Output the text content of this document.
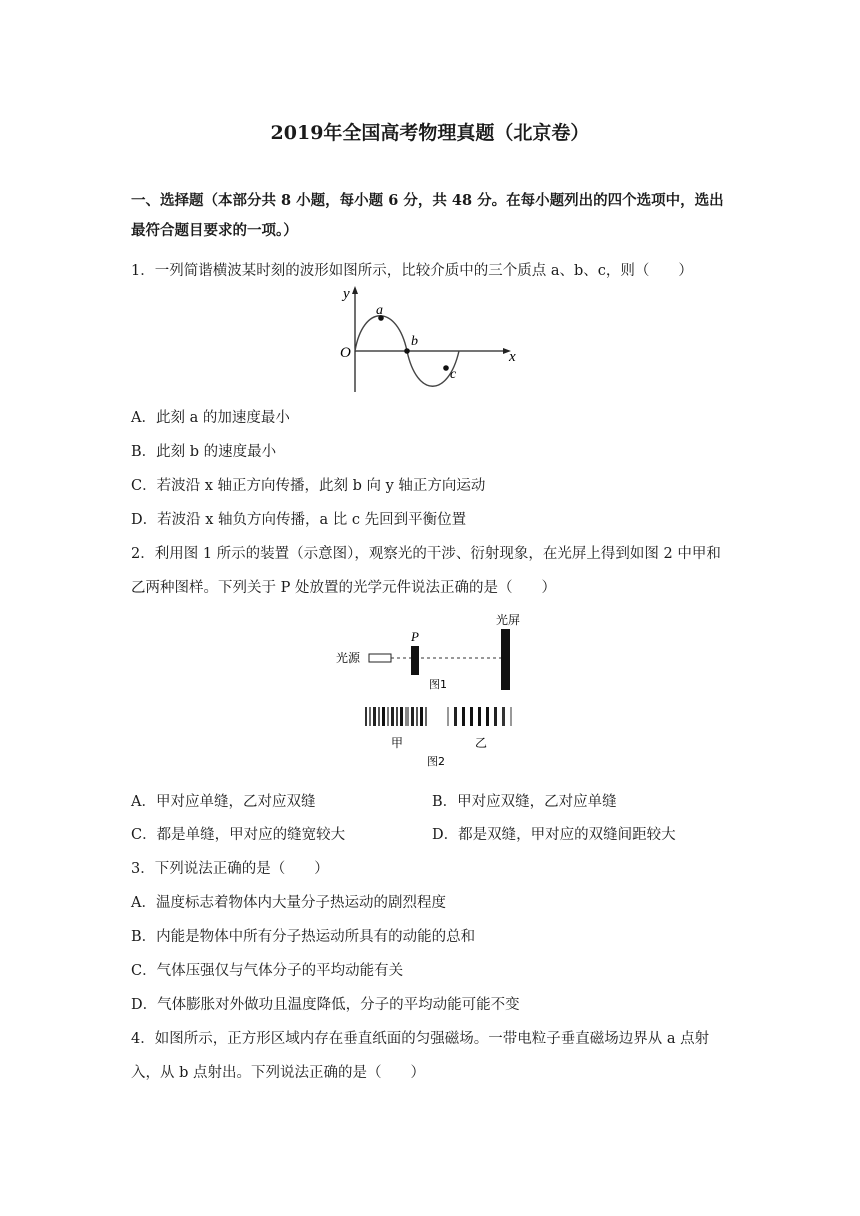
2019年全国高考物理真题（北京卷）
一、选择题（本部分共 8 小题，每小题 6 分，共 48 分。在每小题列出的四个选项中，选出
最符合题目要求的一项。）
1．一列简谐横波某时刻的波形如图所示，比较介质中的三个质点 a、b、c，则（　　）
y
O
a
b
c
x
A．此刻 a 的加速度最小
B．此刻 b 的速度最小
C．若波沿 x 轴正方向传播，此刻 b 向 y 轴正方向运动
D．若波沿 x 轴负方向传播，a 比 c 先回到平衡位置
2．利用图 1 所示的装置（示意图），观察光的干涉、衍射现象，在光屏上得到如图 2 中甲和
乙两种图样。下列关于 P 处放置的光学元件说法正确的是（　　）
光源
P
光屏
图1
甲	乙
图2
A．甲对应单缝，乙对应双缝	B．甲对应双缝，乙对应单缝
C．都是单缝，甲对应的缝宽较大	D．都是双缝，甲对应的双缝间距较大
3．下列说法正确的是（　　）
A．温度标志着物体内大量分子热运动的剧烈程度
B．内能是物体中所有分子热运动所具有的动能的总和
C．气体压强仅与气体分子的平均动能有关
D．气体膨胀对外做功且温度降低，分子的平均动能可能不变
4．如图所示，正方形区域内存在垂直纸面的匀强磁场。一带电粒子垂直磁场边界从 a 点射
入，从 b 点射出。下列说法正确的是（　　）
